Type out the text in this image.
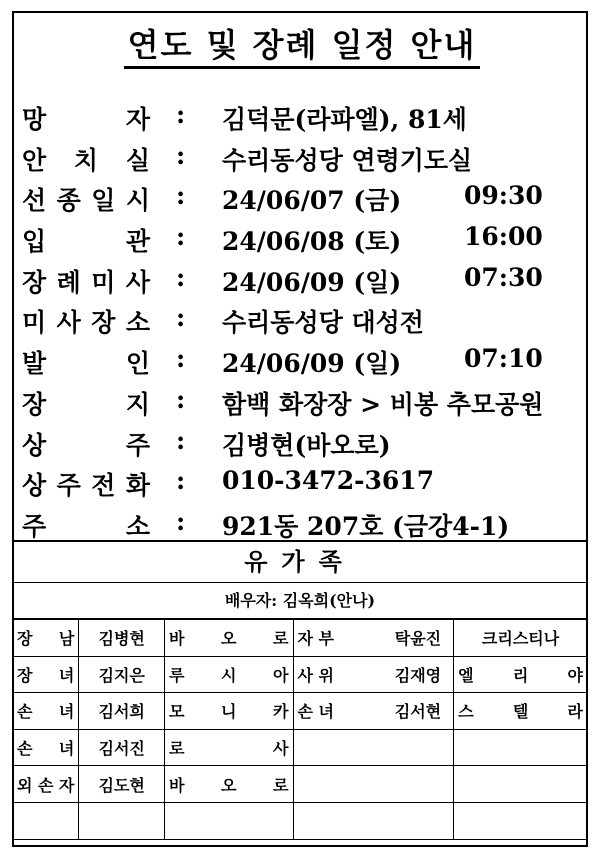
연도 및 장례 일정 안내
망	자 : 김덕문(라파엘), 81세
안 치 실 : 수리동성당 연령기도실
선 종 일 시 : 24/06/07 (금)	09:30
입	관 : 24/06/08 (토)	16:00
장 례 미 사 : 24/06/09 (일)	07:30
미 사 장 소 : 수리동성당 대성전
발	인 : 24/06/09 (일)	07:10
장	지 : 함백 화장장 > 비봉 추모공원
상	주 : 김병현(바오로)
상 주 전 화 : 010-3472-3617
주	소 : 921동 207호 (금강4-1)
유가족
배우자: 김옥희(안나)
장 남	김병현	바 오 로	자 부 탁윤진	크리스티나

장 녀	김지은	루 시 아	사 위 김재영	엘 리 야

손 녀	김서희	모 니 카	손 녀 김서현	스 텔 라

손 녀	김서진	로 사		

외 손 자	김도현	바 오 로		
